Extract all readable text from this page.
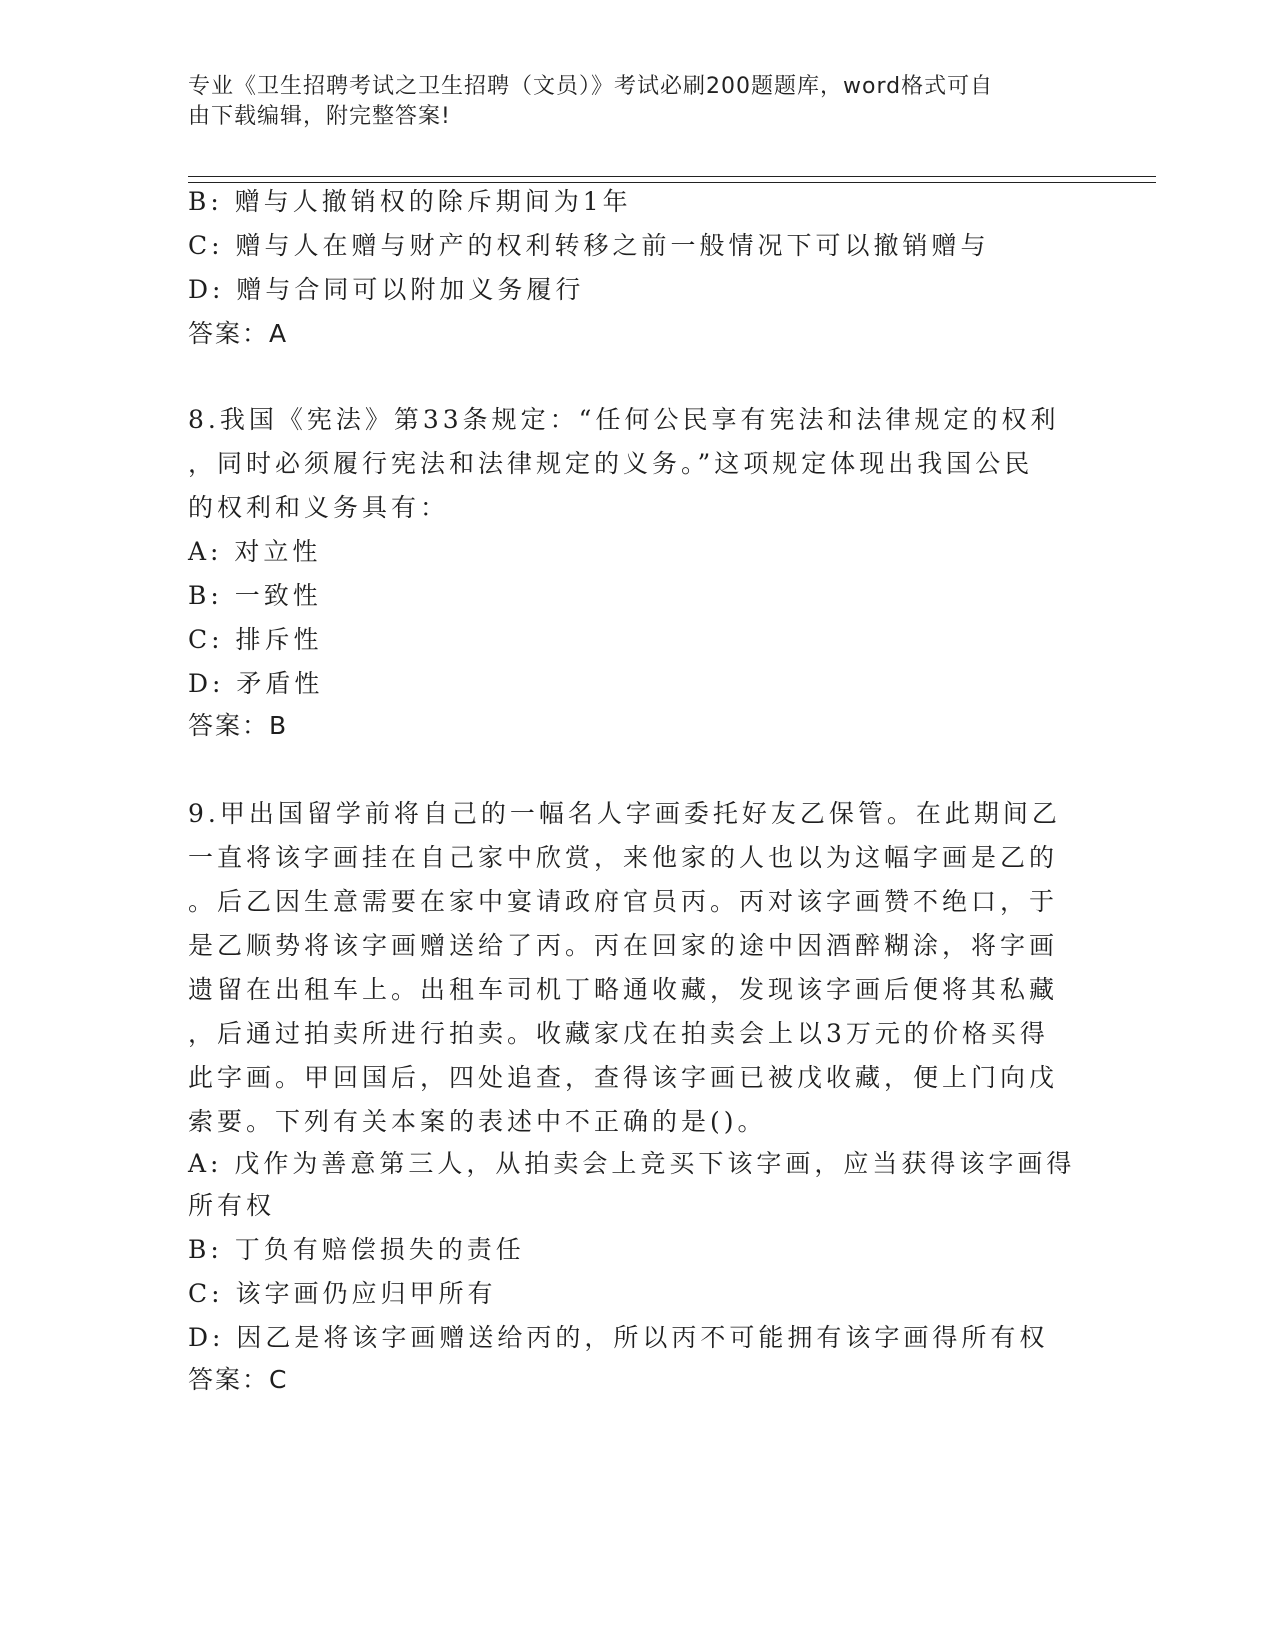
专业《卫生招聘考试之卫生招聘（文员）》考试必刷200题题库，word格式可自
由下载编辑，附完整答案!
B: 赠与人撤销权的除斥期间为1年
C: 赠与人在赠与财产的权利转移之前一般情况下可以撤销赠与
D: 赠与合同可以附加义务履行
答案：A
8.我国《宪法》第33条规定：“任何公民享有宪法和法律规定的权利
，同时必须履行宪法和法律规定的义务。”这项规定体现出我国公民
的权利和义务具有：
A: 对立性
B: 一致性
C: 排斥性
D: 矛盾性
答案：B
9.甲出国留学前将自己的一幅名人字画委托好友乙保管。在此期间乙
一直将该字画挂在自己家中欣赏，来他家的人也以为这幅字画是乙的
。后乙因生意需要在家中宴请政府官员丙。丙对该字画赞不绝口，于
是乙顺势将该字画赠送给了丙。丙在回家的途中因酒醉糊涂，将字画
遗留在出租车上。出租车司机丁略通收藏，发现该字画后便将其私藏
，后通过拍卖所进行拍卖。收藏家戊在拍卖会上以3万元的价格买得
此字画。甲回国后，四处追查，查得该字画已被戊收藏，便上门向戊
索要。下列有关本案的表述中不正确的是()。
A: 戊作为善意第三人，从拍卖会上竞买下该字画，应当获得该字画得
所有权
B: 丁负有赔偿损失的责任
C: 该字画仍应归甲所有
D: 因乙是将该字画赠送给丙的，所以丙不可能拥有该字画得所有权
答案：C
